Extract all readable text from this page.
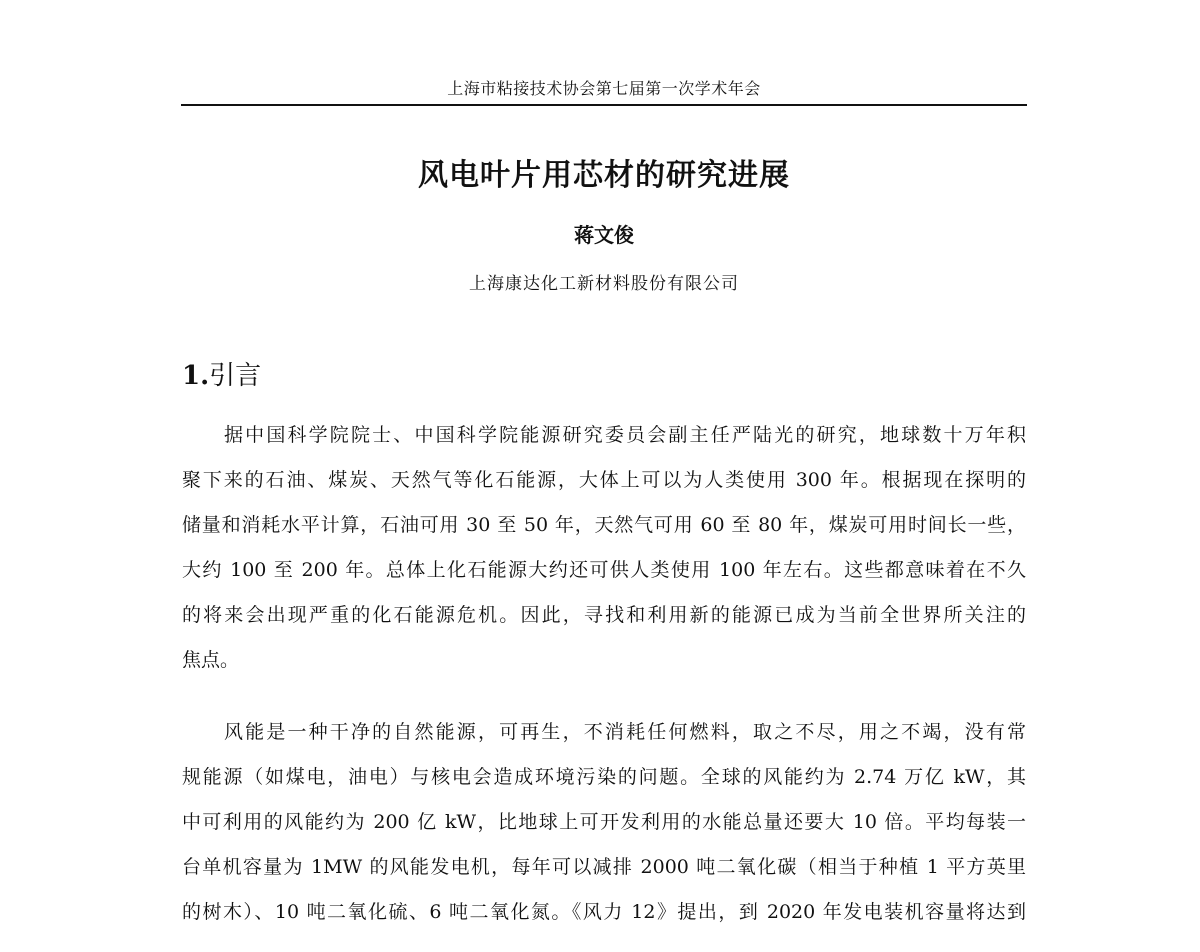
上海市粘接技术协会第七届第一次学术年会
风电叶片用芯材的研究进展
蒋文俊
上海康达化工新材料股份有限公司
1.引言
据中国科学院院士、中国科学院能源研究委员会副主任严陆光的研究，地球数十万年积
聚下来的石油、煤炭、天然气等化石能源，大体上可以为人类使用 300 年。根据现在探明的
储量和消耗水平计算，石油可用 30 至 50 年，天然气可用 60 至 80 年，煤炭可用时间长一些，
大约 100 至 200 年。总体上化石能源大约还可供人类使用 100 年左右。这些都意味着在不久
的将来会出现严重的化石能源危机。因此，寻找和利用新的能源已成为当前全世界所关注的
焦点。
风能是一种干净的自然能源，可再生，不消耗任何燃料，取之不尽，用之不竭，没有常
规能源（如煤电，油电）与核电会造成环境污染的问题。全球的风能约为 2.74 万亿 kW，其
中可利用的风能约为 200 亿 kW，比地球上可开发利用的水能总量还要大 10 倍。平均每装一
台单机容量为 1MW 的风能发电机，每年可以减排 2000 吨二氧化碳（相当于种植 1 平方英里
的树木）、10 吨二氧化硫、6 吨二氧化氮。《风力 12》提出，到 2020 年发电装机容量将达到
